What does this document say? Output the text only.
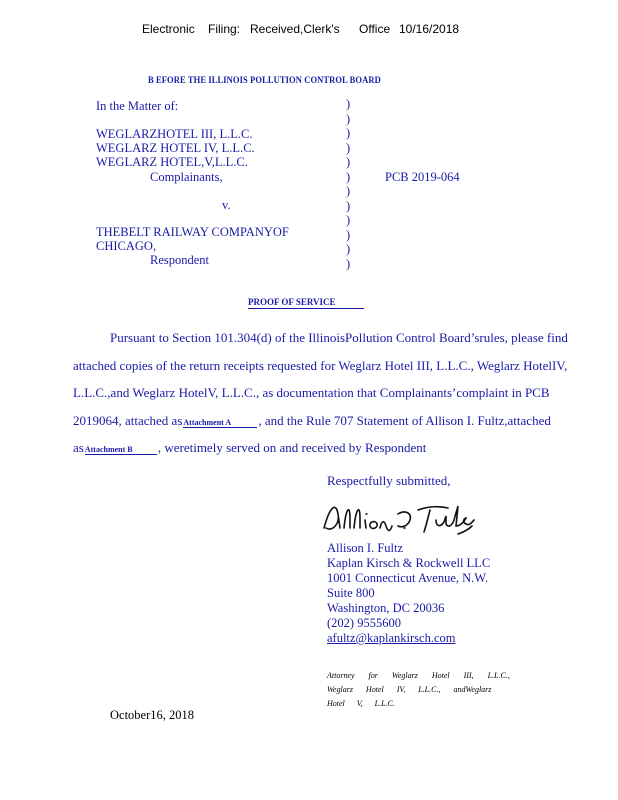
Electronic Filing: Received,Clerk's Office 10/16/2018
B EFORE THE ILLINOIS POLLUTION CONTROL BOARD
In the Matter of:
WEGLARZHOTEL III, L.L.C.
WEGLARZ HOTEL IV, L.L.C.
WEGLARZ HOTEL,V,L.L.C.
Complainants,
v.
THEBELT RAILWAY COMPANYOF
CHICAGO,
Respondent
)
)
)
)
)
)
)
)
)
)
)
)
PCB 2019-064
PROOF OF SERVICE
Pursuant to Section 101.304(d) of the IllinoisPollution Control Board’srules, please find
attached copies of the return receipts requested for Weglarz Hotel III, L.L.C., Weglarz HotelIV,
L.L.C.,and Weglarz HotelV, L.L.C., as documentation that Complainants’complaint in PCB
2019064, attached asAttachment A , and the Rule 707 Statement of Allison I. Fultz,attached
asAttachment B , weretimely served on and received by Respondent
Respectfully submitted,
Allison I. Fultz
Kaplan Kirsch & Rockwell LLC
1001 Connecticut Avenue, N.W.
Suite 800
Washington, DC 20036
(202) 9555600
afultz@kaplankirsch.com
Attorney for Weglarz Hotel III, L.L.C.,
Weglarz Hotel IV, L.L.C., andWeglarz
Hotel V, L.L.C.
October16, 2018
